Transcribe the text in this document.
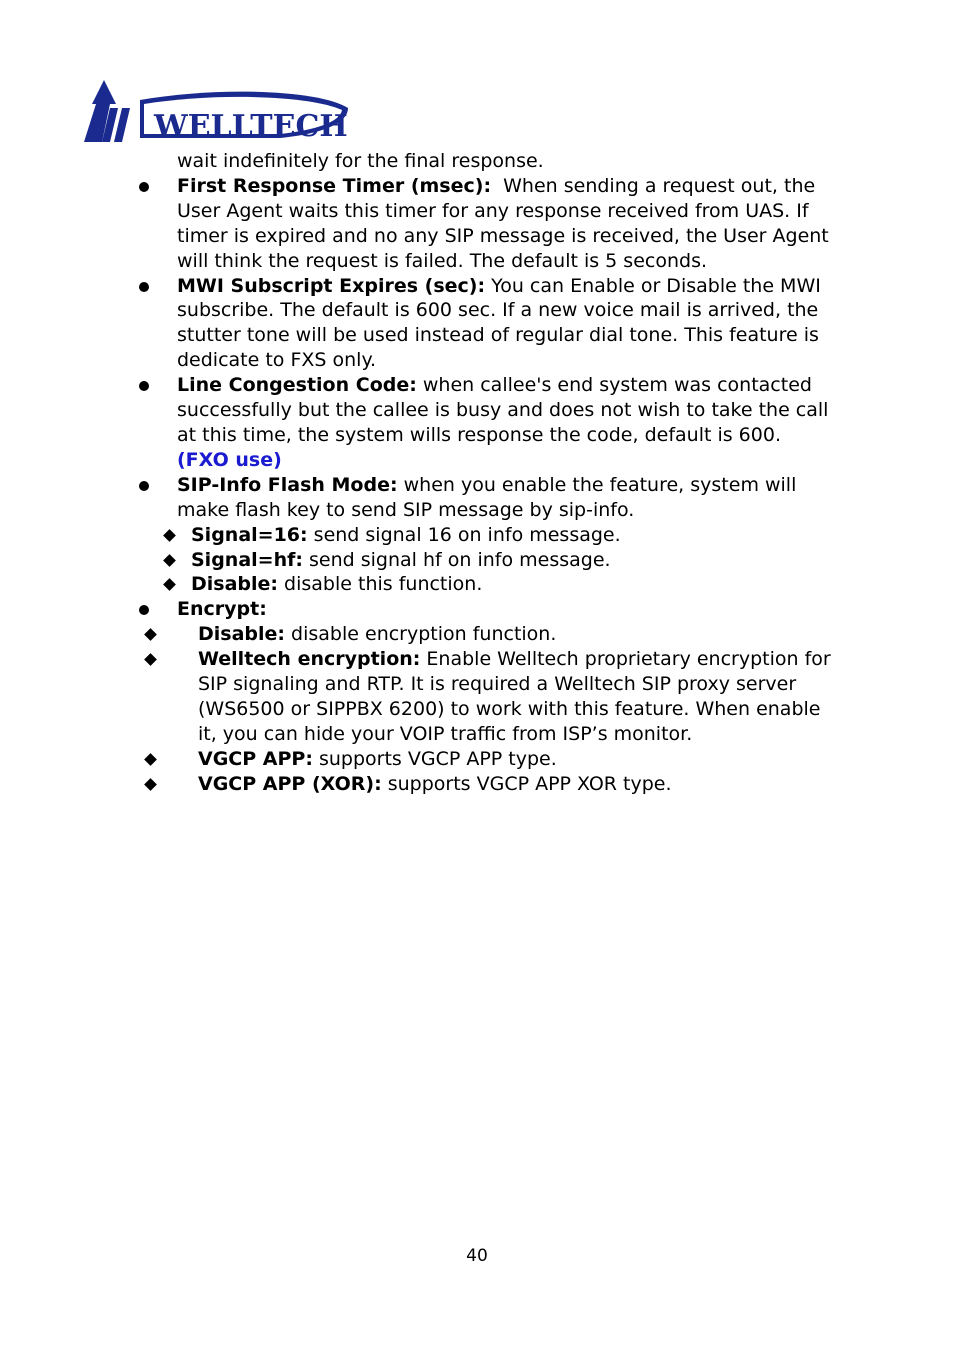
WELLTECH
wait indefinitely for the final response.
First Response Timer (msec):  When sending a request out, the
User Agent waits this timer for any response received from UAS. If
timer is expired and no any SIP message is received, the User Agent
will think the request is failed. The default is 5 seconds.
MWI Subscript Expires (sec): You can Enable or Disable the MWI
subscribe. The default is 600 sec. If a new voice mail is arrived, the
stutter tone will be used instead of regular dial tone. This feature is
dedicate to FXS only.
Line Congestion Code: when callee's end system was contacted
successfully but the callee is busy and does not wish to take the call
at this time, the system wills response the code, default is 600.
(FXO use)
SIP-Info Flash Mode: when you enable the feature, system will
make flash key to send SIP message by sip-info.
Signal=16: send signal 16 on info message.
Signal=hf: send signal hf on info message.
Disable: disable this function.
Encrypt:
Disable: disable encryption function.
Welltech encryption: Enable Welltech proprietary encryption for
SIP signaling and RTP. It is required a Welltech SIP proxy server
(WS6500 or SIPPBX 6200) to work with this feature. When enable
it, you can hide your VOIP traffic from ISP’s monitor.
VGCP APP: supports VGCP APP type.
VGCP APP (XOR): supports VGCP APP XOR type.
40
